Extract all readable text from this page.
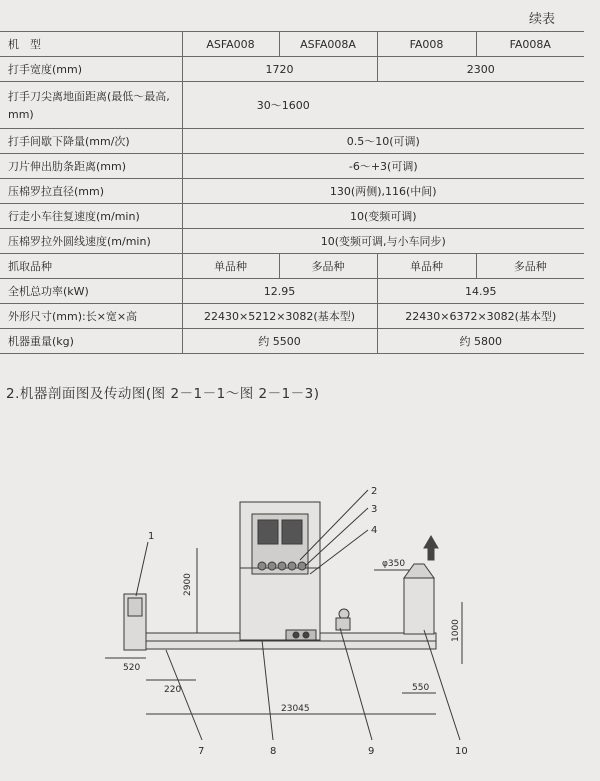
续表
机　型	ASFA008	ASFA008A	FA008	FA008A
打手宽度(mm)	1720		2300	
打手刀尖离地面距离(最低～最高, mm)	30～1600			
打手间歇下降量(mm/次)	0.5～10(可调)			
刀片伸出肋条距离(mm)	-6～+3(可调)			
压棉罗拉直径(mm)	130(两侧),116(中间)			
行走小车往复速度(m/min)	10(变频可调)			
压棉罗拉外圆线速度(m/min)	10(变频可调,与小车同步)			
抓取品种	单品种	多品种	单品种	多品种
全机总功率(kW)	12.95		14.95	
外形尺寸(mm):长×宽×高	22430×5212×3082(基本型)		22430×6372×3082(基本型)	
机器重量(kg)	约 5500		约 5800	
2.机器剖面图及传动图(图 2－1－1～图 2－1－3)
1
2
3
4
7	8	9	10
2900
520
220
23045
φ350
1000
550
